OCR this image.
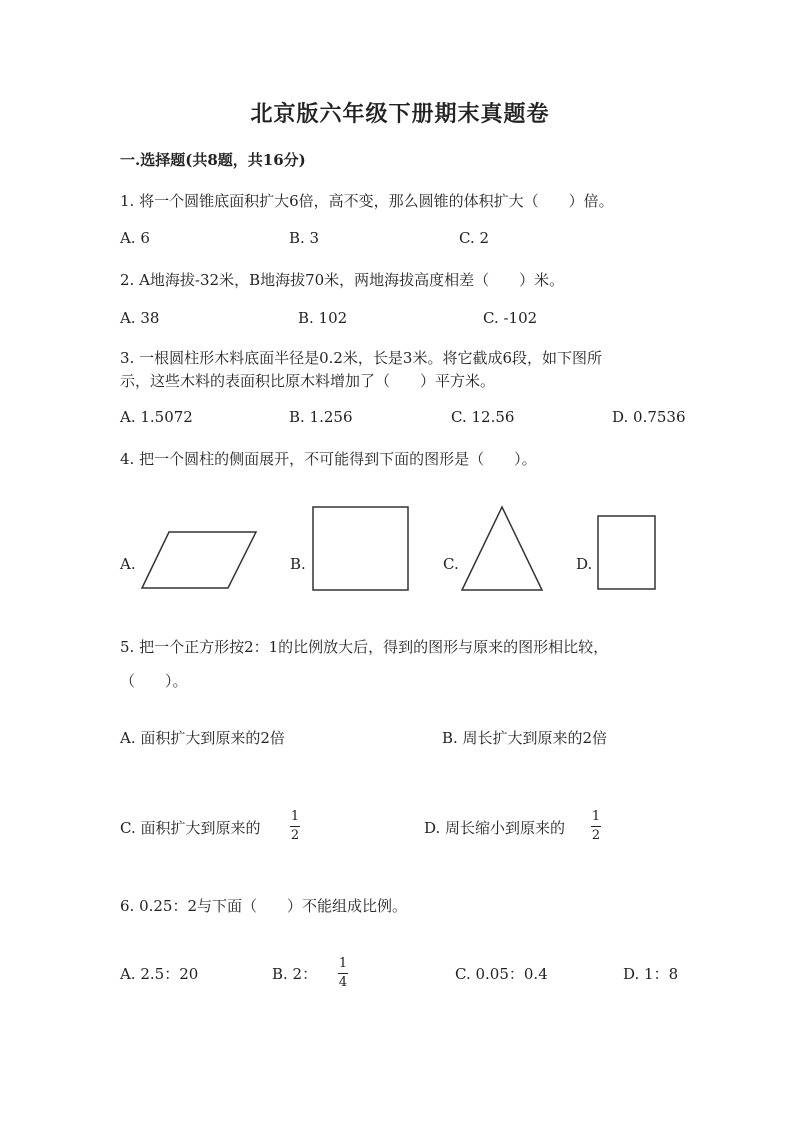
北京版六年级下册期末真题卷
一.选择题(共8题，共16分)
1. 将一个圆锥底面积扩大6倍，高不变，那么圆锥的体积扩大（　　）倍。
A. 6	B. 3	C. 2
2. A地海拔-32米，B地海拔70米，两地海拔高度相差（　　）米。
A. 38	B. 102	C. -102
3. 一根圆柱形木料底面半径是0.2米，长是3米。将它截成6段，如下图所
示，这些木料的表面积比原木料增加了（　　）平方米。
A. 1.5072	B. 1.256	C. 12.56	D. 0.7536
4. 把一个圆柱的侧面展开，不可能得到下面的图形是（　　）。
A.	B.	C.	D.
5. 把一个正方形按2：1的比例放大后，得到的图形与原来的图形相比较，
（　　）。
A. 面积扩大到原来的2倍	B. 周长扩大到原来的2倍
C. 面积扩大到原来的
1
2	D. 周长缩小到原来的
1
2
6. 0.25：2与下面（　　）不能组成比例。
A. 2.5：20	B. 2：
1
4	C. 0.05：0.4	D. 1：8
